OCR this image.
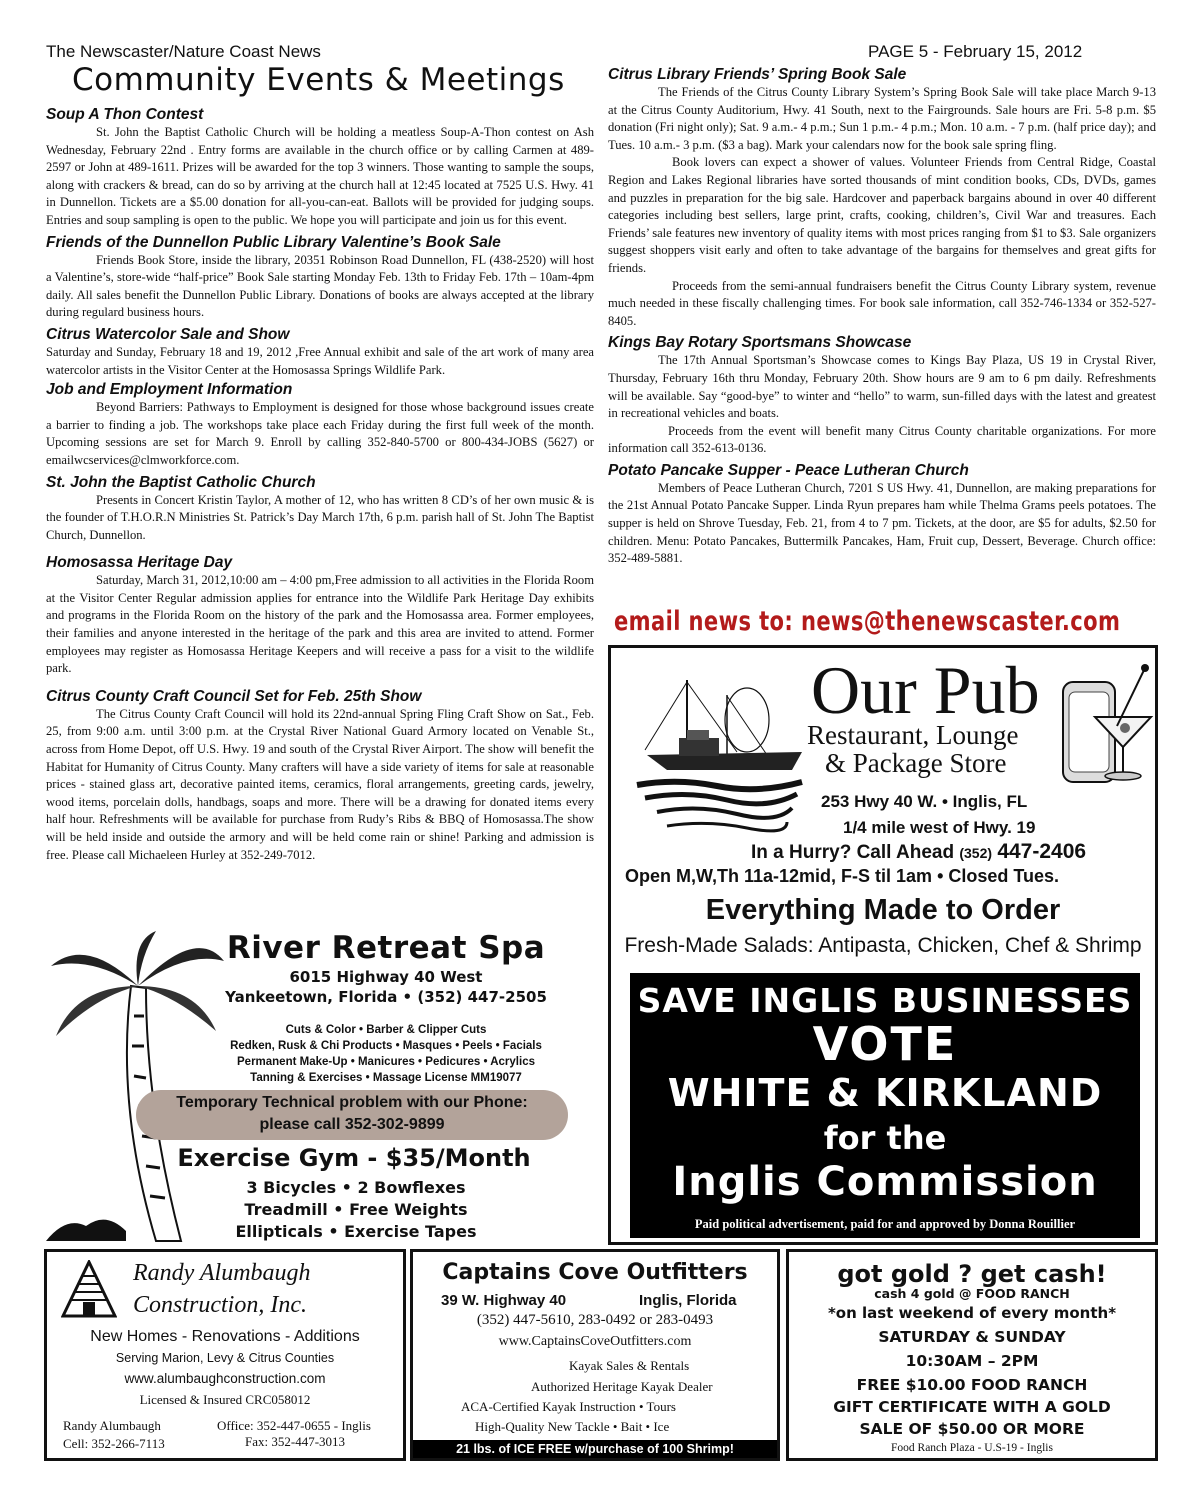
The Newscaster/Nature Coast News	PAGE 5 - February 15, 2012
Community Events & Meetings

Soup A Thon Contest

St. John the Baptist Catholic Church will be holding a meatless Soup-A-Thon contest on Ash Wednesday, February 22nd . Entry forms are available in the church office or by calling Carmen at 489-2597 or John at 489-1611. Prizes will be awarded for the top 3 winners. Those wanting to sample the soups, along with crackers & bread, can do so by arriving at the church hall at 12:45 located at 7525 U.S. Hwy. 41 in Dunnellon. Tickets are a $5.00 donation for all-you-can-eat. Ballots will be provided for judging soups. Entries and soup sampling is open to the public. We hope you will participate and join us for this event.

Friends of the Dunnellon Public Library Valentine’s Book Sale

Friends Book Store, inside the library, 20351 Robinson Road Dunnellon, FL (438-2520) will host a Valentine’s, store-wide “half-price” Book Sale starting Monday Feb. 13th to Friday Feb. 17th – 10am-4pm daily. All sales benefit the Dunnellon Public Library. Donations of books are always accepted at the library during regulard business hours.

Citrus Watercolor Sale and Show

Saturday and Sunday, February 18 and 19, 2012 ,Free Annual exhibit and sale of the art work of many area watercolor artists in the Visitor Center at the Homosassa Springs Wildlife Park.

Job and Employment Information

Beyond Barriers: Pathways to Employment is designed for those whose background issues create a barrier to finding a job. The workshops take place each Friday during the first full week of the month. Upcoming sessions are set for March 9. Enroll by calling 352-840-5700 or 800-434-JOBS (5627) or emailwcservices@clmworkforce.com.

St. John the Baptist Catholic Church

Presents in Concert Kristin Taylor, A mother of 12, who has written 8 CD’s of her own music & is the founder of T.H.O.R.N Ministries St. Patrick’s Day March 17th, 6 p.m. parish hall of St. John The Baptist Church, Dunnellon.

Homosassa Heritage Day

Saturday, March 31, 2012,10:00 am – 4:00 pm,Free admission to all activities in the Florida Room at the Visitor Center Regular admission applies for entrance into the Wildlife Park Heritage Day exhibits and programs in the Florida Room on the history of the park and the Homosassa area. Former employees, their families and anyone interested in the heritage of the park and this area are invited to attend. Former employees may register as Homosassa Heritage Keepers and will receive a pass for a visit to the wildlife park.

Citrus County Craft Council Set for Feb. 25th Show

The Citrus County Craft Council will hold its 22nd-annual Spring Fling Craft Show on Sat., Feb. 25, from 9:00 a.m. until 3:00 p.m. at the Crystal River National Guard Armory located on Venable St., across from Home Depot, off U.S. Hwy. 19 and south of the Crystal River Airport. The show will benefit the Habitat for Humanity of Citrus County. Many crafters will have a side variety of items for sale at reasonable prices - stained glass art, decorative painted items, ceramics, floral arrangements, greeting cards, jewelry, wood items, porcelain dolls, handbags, soaps and more. There will be a drawing for donated items every half hour. Refreshments will be available for purchase from Rudy’s Ribs & BBQ of Homosassa.The show will be held inside and outside the armory and will be held come rain or shine! Parking and admission is free. Please call Michaeleen Hurley at 352-249-7012.

Citrus Library Friends’ Spring Book Sale

The Friends of the Citrus County Library System’s Spring Book Sale will take place March 9-13 at the Citrus County Auditorium, Hwy. 41 South, next to the Fairgrounds. Sale hours are Fri. 5-8 p.m. $5 donation (Fri night only); Sat. 9 a.m.- 4 p.m.; Sun 1 p.m.- 4 p.m.; Mon. 10 a.m. - 7 p.m. (half price day); and Tues. 10 a.m.- 3 p.m. ($3 a bag). Mark your calendars now for the book sale spring fling.

Book lovers can expect a shower of values. Volunteer Friends from Central Ridge, Coastal Region and Lakes Regional libraries have sorted thousands of mint condition books, CDs, DVDs, games and puzzles in preparation for the big sale. Hardcover and paperback bargains abound in over 40 different categories including best sellers, large print, crafts, cooking, children’s, Civil War and treasures. Each Friends’ sale features new inventory of quality items with most prices ranging from $1 to $3. Sale organizers suggest shoppers visit early and often to take advantage of the bargains for themselves and great gifts for friends.

Proceeds from the semi-annual fundraisers benefit the Citrus County Library system, revenue much needed in these fiscally challenging times. For book sale information, call 352-746-1334 or 352-527-8405.

Kings Bay Rotary Sportsmans Showcase

The 17th Annual Sportsman’s Showcase comes to Kings Bay Plaza, US 19 in Crystal River, Thursday, February 16th thru Monday, February 20th. Show hours are 9 am to 6 pm daily. Refreshments will be available. Say “good-bye” to winter and “hello” to warm, sun-filled days with the latest and greatest in recreational vehicles and boats.

Proceeds from the event will benefit many Citrus County charitable organizations. For more information call 352-613-0136.

Potato Pancake Supper - Peace Lutheran Church

Members of Peace Lutheran Church, 7201 S US Hwy. 41, Dunnellon, are making preparations for the 21st Annual Potato Pancake Supper. Linda Ryun prepares ham while Thelma Grams peels potatoes. The supper is held on Shrove Tuesday, Feb. 21, from 4 to 7 pm. Tickets, at the door, are $5 for adults, $2.50 for children. Menu: Potato Pancakes, Buttermilk Pancakes, Ham, Fruit cup, Dessert, Beverage. Church office: 352-489-5881.

email news to: news@thenewscaster.com
Our Pub
Restaurant, Lounge
& Package Store
253 Hwy 40 W. • Inglis, FL
1/4 mile west of Hwy. 19
In a Hurry? Call Ahead (352) 447-2406
Open M,W,Th 11a-12mid, F-S til 1am • Closed Tues.
Everything Made to Order
Fresh-Made Salads: Antipasta, Chicken, Chef & Shrimp
SAVE INGLIS BUSINESSES
VOTE
WHITE & KIRKLAND
for the
Inglis Commission
Paid political advertisement, paid for and approved by Donna Rouillier
River Retreat Spa
6015 Highway 40 West
Yankeetown, Florida • (352) 447-2505
Cuts & Color • Barber & Clipper Cuts
Redken, Rusk & Chi Products • Masques • Peels • Facials
Permanent Make-Up • Manicures • Pedicures • Acrylics
Tanning & Exercises • Massage License MM19077
Temporary Technical problem with our Phone:
please call 352-302-9899
Exercise Gym - $35/Month
3 Bicycles • 2 Bowflexes
Treadmill • Free Weights
Ellipticals • Exercise Tapes
Randy Alumbaugh
Construction, Inc.
New Homes - Renovations - Additions
Serving Marion, Levy & Citrus Counties
www.alumbaughconstruction.com
Licensed & Insured CRC058012
Randy Alumbaugh
Cell: 352-266-7113
Office: 352-447-0655 - Inglis
Fax: 352-447-3013
Captains Cove Outfitters
39 W. Highway 40	Inglis, Florida
(352) 447-5610, 283-0492 or 283-0493
www.CaptainsCoveOutfitters.com
Kayak Sales & Rentals
Authorized Heritage Kayak Dealer
ACA-Certified Kayak Instruction • Tours
High-Quality New Tackle • Bait • Ice
21 lbs. of ICE FREE w/purchase of 100 Shrimp!
got gold ? get cash!
cash 4 gold @ FOOD RANCH
*on last weekend of every month*
SATURDAY & SUNDAY
10:30AM – 2PM
FREE $10.00 FOOD RANCH
GIFT CERTIFICATE WITH A GOLD
SALE OF $50.00 OR MORE
Food Ranch Plaza - U.S-19 - Inglis
